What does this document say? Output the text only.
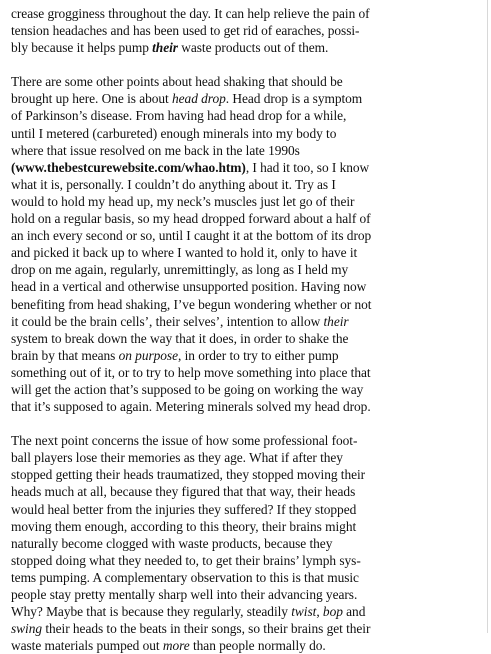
crease grogginess throughout the day. It can help relieve the pain of
tension headaches and has been used to get rid of earaches, possi-
bly because it helps pump their waste products out of them.

There are some other points about head shaking that should be
brought up here. One is about head drop. Head drop is a symptom
of Parkinson’s disease. From having had head drop for a while,
until I metered (carbureted) enough minerals into my body to
where that issue resolved on me back in the late 1990s
(www.thebestcurewebsite.com/whao.htm), I had it too, so I know
what it is, personally. I couldn’t do anything about it. Try as I
would to hold my head up, my neck’s muscles just let go of their
hold on a regular basis, so my head dropped forward about a half of
an inch every second or so, until I caught it at the bottom of its drop
and picked it back up to where I wanted to hold it, only to have it
drop on me again, regularly, unremittingly, as long as I held my
head in a vertical and otherwise unsupported position. Having now
benefiting from head shaking, I’ve begun wondering whether or not
it could be the brain cells’, their selves’, intention to allow their
system to break down the way that it does, in order to shake the
brain by that means on purpose, in order to try to either pump
something out of it, or to try to help move something into place that
will get the action that’s supposed to be going on working the way
that it’s supposed to again. Metering minerals solved my head drop.

The next point concerns the issue of how some professional foot-
ball players lose their memories as they age. What if after they
stopped getting their heads traumatized, they stopped moving their
heads much at all, because they figured that that way, their heads
would heal better from the injuries they suffered? If they stopped
moving them enough, according to this theory, their brains might
naturally become clogged with waste products, because they
stopped doing what they needed to, to get their brains’ lymph sys-
tems pumping. A complementary observation to this is that music
people stay pretty mentally sharp well into their advancing years.
Why? Maybe that is because they regularly, steadily twist, bop and
swing their heads to the beats in their songs, so their brains get their
waste materials pumped out more than people normally do.
